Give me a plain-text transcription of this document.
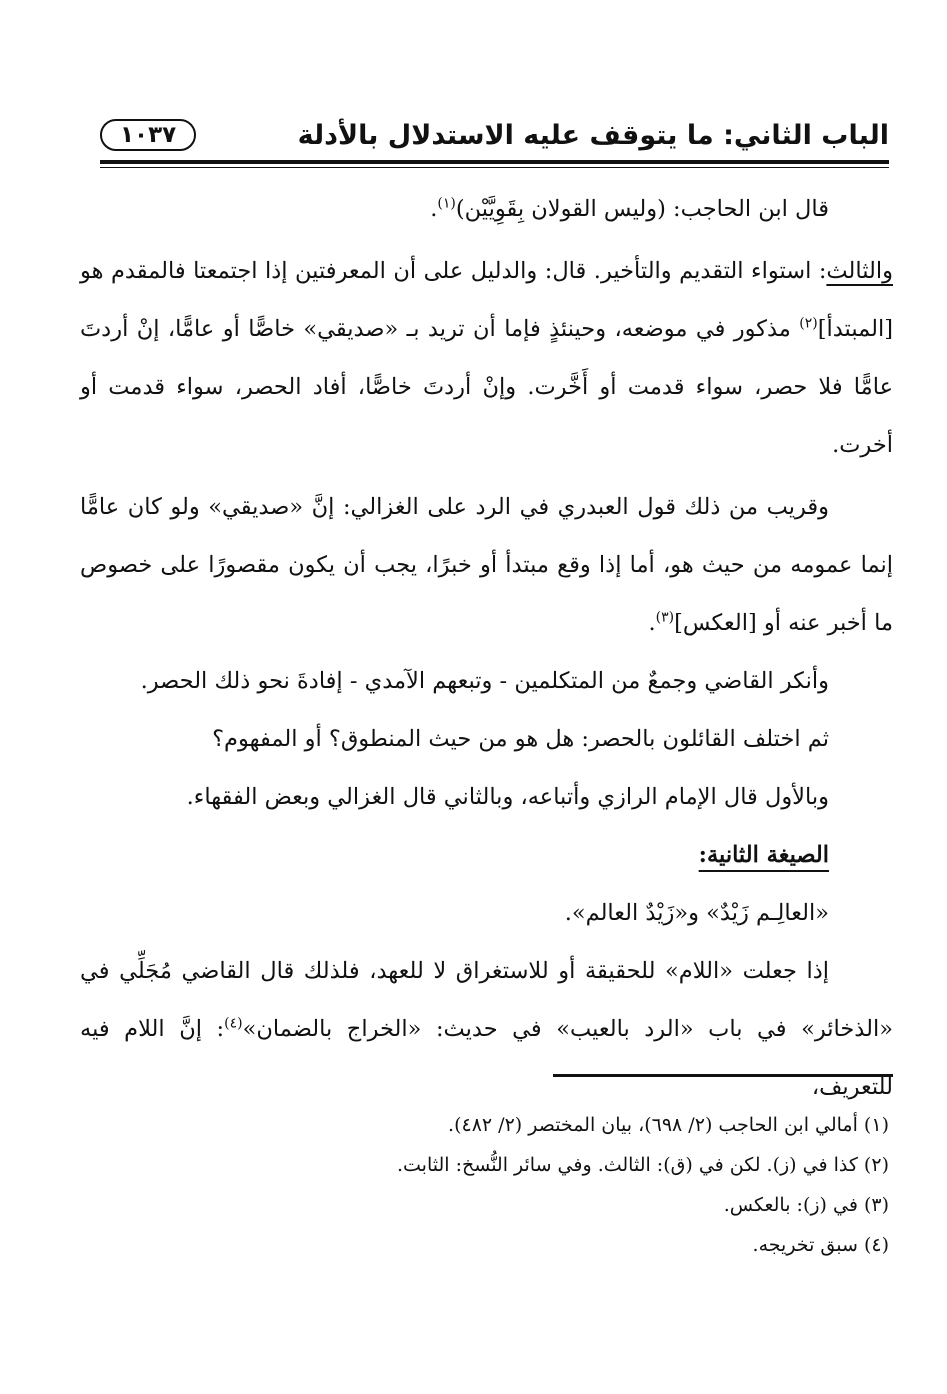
الباب الثاني: ما يتوقف عليه الاستدلال بالأدلة
١٠٣٧

قال ابن الحاجب: (وليس القولان بِقَوِيَّيْن)$^{(١)}$.

والثالث: استواء التقديم والتأخير. قال: والدليل على أن المعرفتين إذا اجتمعتا فالمقدم هو [المبتدأ]$^{(٢)}$ مذكور في موضعه، وحينئذٍ فإما أن تريد بـ «صديقي» خاصًّا أو عامًّا، إنْ أردتَ عامًّا فلا حصر، سواء قدمت أو أَخَّرت. وإنْ أردتَ خاصًّا، أفاد الحصر، سواء قدمت أو أخرت.

وقريب من ذلك قول العبدري في الرد على الغزالي: إنَّ «صديقي» ولو كان عامًّا إنما عمومه من حيث هو، أما إذا وقع مبتدأ أو خبرًا، يجب أن يكون مقصورًا على خصوص ما أخبر عنه أو [العكس]$^{(٣)}$.

وأنكر القاضي وجمعٌ من المتكلمين - وتبعهم الآمدي - إفادةَ نحو ذلك الحصر.

ثم اختلف القائلون بالحصر: هل هو من حيث المنطوق؟ أو المفهوم؟

وبالأول قال الإمام الرازي وأتباعه، وبالثاني قال الغزالي وبعض الفقهاء.

الصيغة الثانية:

«العالِـم زَيْدٌ» و«زَيْدٌ العالم».

إذا جعلت «اللام» للحقيقة أو للاستغراق لا للعهد، فلذلك قال القاضي مُجَلِّي في «الذخائر» في باب «الرد بالعيب» في حديث: «الخراج بالضمان»$^{(٤)}$: إنَّ اللام فيه للتعريف،

(١) أمالي ابن الحاجب (٢/ ٦٩٨)، بيان المختصر (٢/ ٤٨٢).

(٢) كذا في (ز). لكن في (ق): الثالث. وفي سائر النُّسخ: الثابت.

(٣) في (ز): بالعكس.

(٤) سبق تخريجه.
